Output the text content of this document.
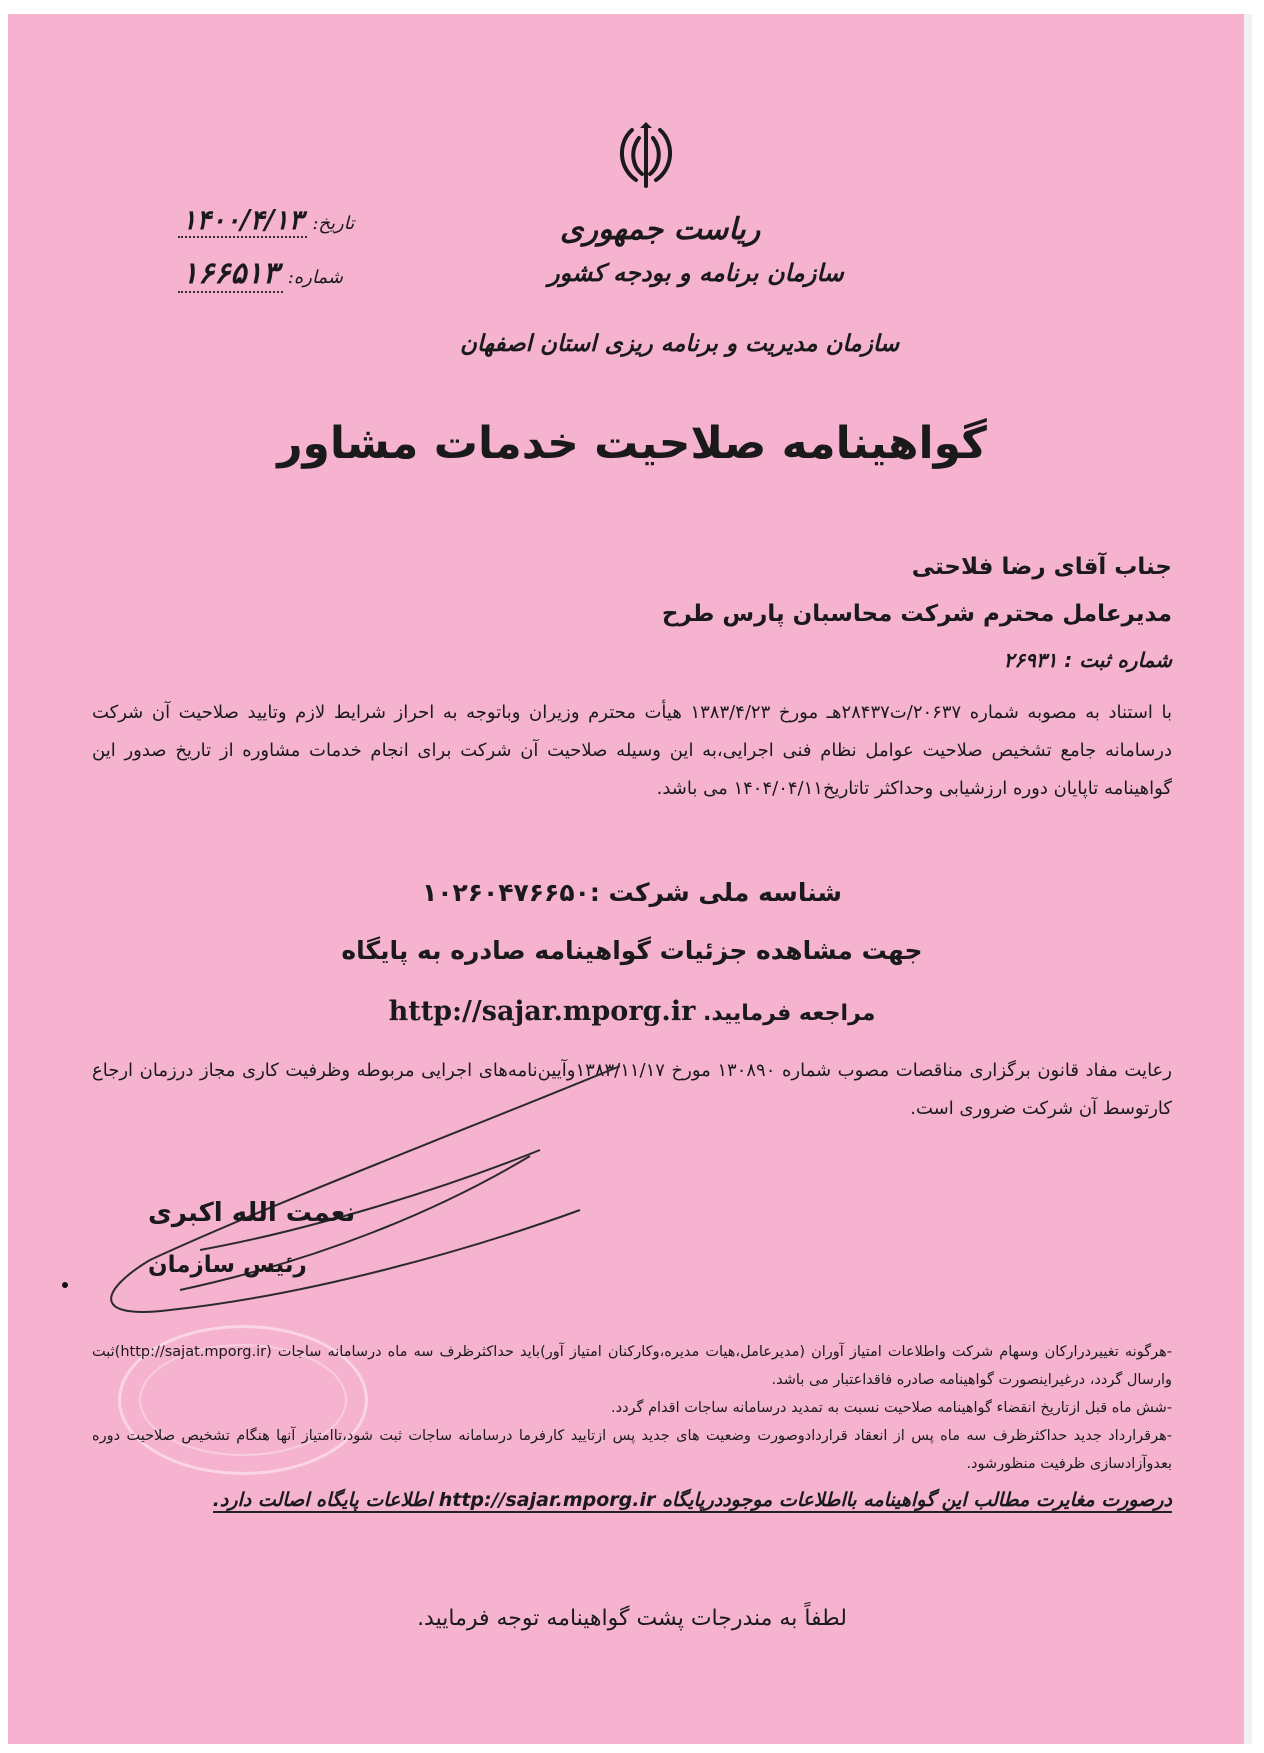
ریاست جمهوری
سازمان برنامه و بودجه کشور
سازمان مدیریت و برنامه ریزی استان اصفهان
تاریخ: ۱۴۰۰/۴/۱۳
شماره: ۱۶۶۵۱۳
گواهینامه صلاحیت خدمات مشاور
جناب آقای رضا فلاحتی
مدیرعامل محترم شرکت محاسبان پارس طرح
شماره ثبت : ۲۶۹۳۱
با استناد به مصوبه شماره ۲۰۶۳۷/ت۲۸۴۳۷هـ مورخ ۱۳۸۳/۴/۲۳ هیأت محترم وزیران وباتوجه به احراز شرایط لازم وتایید صلاحیت آن شرکت درسامانه جامع تشخیص صلاحیت عوامل نظام فنی اجرایی،به این وسیله صلاحیت آن شرکت برای انجام خدمات مشاوره از تاریخ صدور این گواهینامه تاپایان دوره ارزشیابی وحداکثر تاتاریخ۱۴۰۴/۰۴/۱۱ می باشد.
شناسه ملی شرکت :۱۰۲۶۰۴۷۶۶۵۰
جهت مشاهده جزئیات گواهینامه صادره به پایگاه
مراجعه فرمایید. http://sajar.mporg.ir
رعایت مفاد قانون برگزاری مناقصات مصوب شماره ۱۳۰۸۹۰ مورخ ۱۳۸۳/۱۱/۱۷وآیین‌نامه‌های اجرایی مربوطه وظرفیت کاری مجاز درزمان ارجاع کارتوسط آن شرکت ضروری است.
نعمت الله اکبری
رئیس سازمان
-هرگونه تغییردرارکان وسهام شرکت واطلاعات امتیاز آوران (مدیرعامل،هیات مدیره،وکارکنان امتیاز آور)باید حداکثرظرف سه ماه درسامانه ساجات (http://sajat.mporg.ir)ثبت وارسال گردد، درغیراینصورت گواهینامه صادره فاقداعتبار می باشد.
-شش ماه قبل ازتاریخ انقضاء گواهینامه صلاحیت نسبت به تمدید درسامانه ساجات اقدام گردد.
-هرقرارداد جدید حداکثرظرف سه ماه پس از انعقاد قراردادوصورت وضعیت های جدید پس ازتایید کارفرما درسامانه ساجات ثبت شود،تاامتیاز آنها هنگام تشخیص صلاحیت دوره بعدوآزادسازی ظرفیت منظورشود.
درصورت مغایرت مطالب این گواهینامه بااطلاعات موجوددرپایگاه http://sajar.mporg.ir اطلاعات پایگاه اصالت دارد.
لطفاً به مندرجات پشت گواهینامه توجه فرمایید.
